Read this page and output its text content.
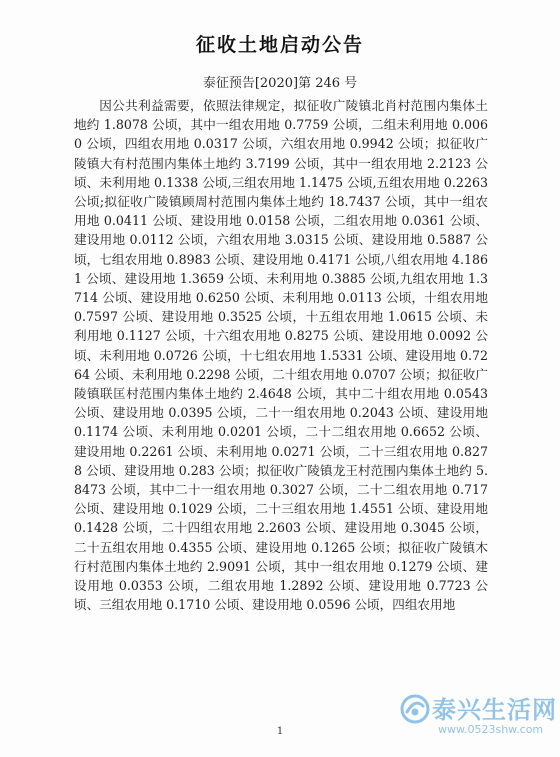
征收土地启动公告
泰征预告[2020]第 246 号

因公共利益需要，依照法律规定，拟征收广陵镇北肖村范围内集体土地约 1.8078 公顷，其中一组农用地 0.7759 公顷，二组未利用地 0.0060 公顷，四组农用地 0.0317 公顷，六组农用地 0.9942 公顷；拟征收广陵镇大有村范围内集体土地约 3.7199 公顷，其中一组农用地 2.2123 公顷、未利用地 0.1338 公顷,三组农用地 1.1475 公顷,五组农用地 0.2263 公顷;拟征收广陵镇顾周村范围内集体土地约 18.7437 公顷，其中一组农用地 0.0411 公顷、建设用地 0.0158 公顷，二组农用地 0.0361 公顷、建设用地 0.0112 公顷，六组农用地 3.0315 公顷、建设用地 0.5887 公顷，七组农用地 0.8983 公顷、建设用地 0.4171 公顷,八组农用地 4.1861 公顷、建设用地 1.3659 公顷、未利用地 0.3885 公顷,九组农用地 1.3714 公顷、建设用地 0.6250 公顷、未利用地 0.0113 公顷，十组农用地 0.7597 公顷、建设用地 0.3525 公顷，十五组农用地 1.0615 公顷、未利用地 0.1127 公顷，十六组农用地 0.8275 公顷、建设用地 0.0092 公顷、未利用地 0.0726 公顷，十七组农用地 1.5331 公顷、建设用地 0.7264 公顷、未利用地 0.2298 公顷，二十组农用地 0.0707 公顷；拟征收广陵镇联匡村范围内集体土地约 2.4648 公顷，其中二十组农用地 0.0543 公顷、建设用地 0.0395 公顷，二十一组农用地 0.2043 公顷、建设用地 0.1174 公顷、未利用地 0.0201 公顷，二十二组农用地 0.6652 公顷、建设用地 0.2261 公顷、未利用地 0.0271 公顷，二十三组农用地 0.8278 公顷、建设用地 0.283 公顷；拟征收广陵镇龙王村范围内集体土地约 5.8473 公顷，其中二十一组农用地 0.3027 公顷，二十二组农用地 0.717 公顷、建设用地 0.1029 公顷，二十三组农用地 1.4551 公顷、建设用地 0.1428 公顷，二十四组农用地 2.2603 公顷、建设用地 0.3045 公顷，二十五组农用地 0.4355 公顷、建设用地 0.1265 公顷；拟征收广陵镇木行村范围内集体土地约 2.9091 公顷，其中一组农用地 0.1279 公顷、建设用地 0.0353 公顷，二组农用地 1.2892 公顷、建设用地 0.7723 公顷、三组农用地 0.1710 公顷、建设用地 0.0596 公顷，四组农用地

1
泰兴生活网
www.0523shw.com
